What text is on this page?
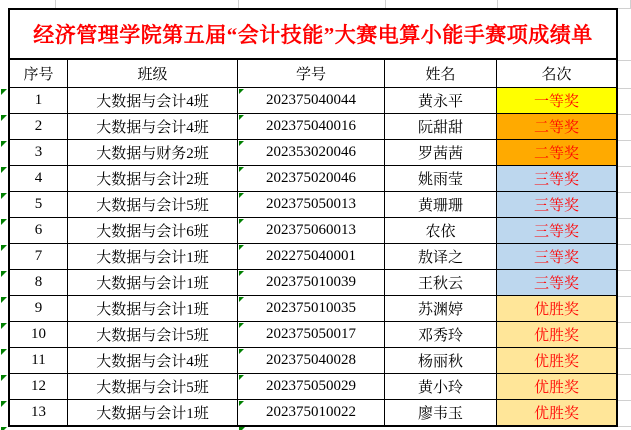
经济管理学院第五届“会计技能”大赛电算小能手赛项成绩单
序号	班级	学号	姓名	名次
1	大数据与会计4班	202375040044	黄永平	一等奖
2	大数据与会计4班	202375040016	阮甜甜	二等奖
3	大数据与财务2班	202353020046	罗茜茜	二等奖
4	大数据与会计2班	202375020046	姚雨莹	三等奖
5	大数据与会计5班	202375050013	黄珊珊	三等奖
6	大数据与会计6班	202375060013	农依	三等奖
7	大数据与会计1班	202275040001	敖译之	三等奖
8	大数据与会计1班	202375010039	王秋云	三等奖
9	大数据与会计1班	202375010035	苏渊婷	优胜奖
10	大数据与会计5班	202375050017	邓秀玲	优胜奖
11	大数据与会计4班	202375040028	杨丽秋	优胜奖
12	大数据与会计5班	202375050029	黄小玲	优胜奖
13	大数据与会计1班	202375010022	廖韦玉	优胜奖
